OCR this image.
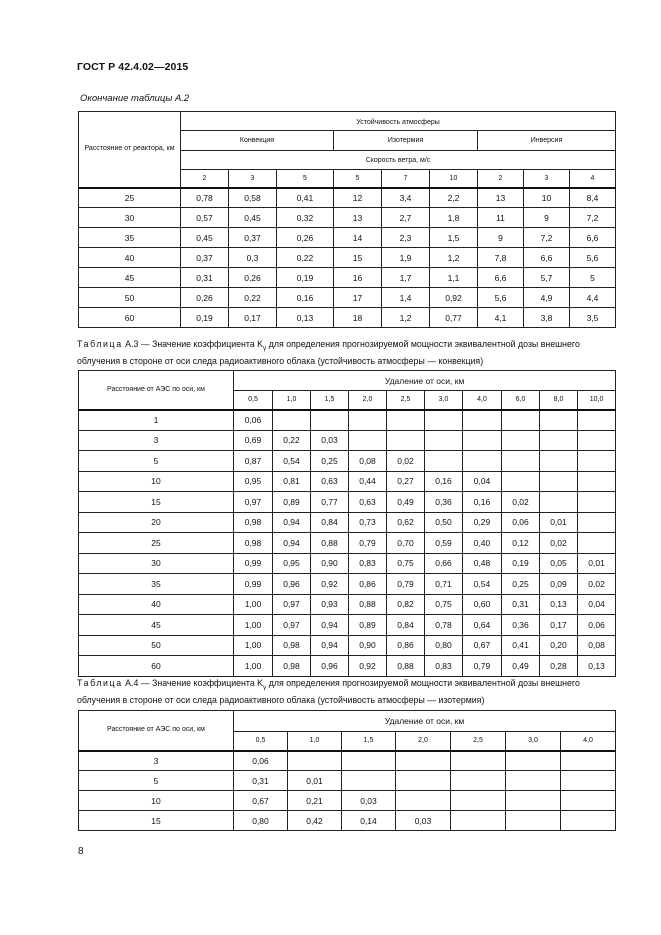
ГОСТ Р 42.4.02—2015
Окончание таблицы А.2
Расстояние от реактора, км	Устойчивость атмосферы								
	Конвекция			Изотермия			Инверсия		
	Скорость ветра, м/с								
	2	3	5	5	7	10	2	3	4
25	0,78	0,58	0,41	12	3,4	2,2	13	10	8,4
30	0,57	0,45	0,32	13	2,7	1,8	11	9	7,2
35	0,45	0,37	0,26	14	2,3	1,5	9	7,2	6,6
40	0,37	0,3	0,22	15	1,9	1,2	7,8	6,6	5,6
45	0,31	0,26	0,19	16	1,7	1,1	6,6	5,7	5
50	0,26	0,22	0,16	17	1,4	0,92	5,6	4,9	4,4
60	0,19	0,17	0,13	18	1,2	0,77	4,1	3,8	3,5
Таблица А.3 — Значение коэффициента $K_\gamma$ для определения прогнозируемой мощности эквивалентной дозы внешнего облучения в стороне от оси следа радиоактивного облака (устойчивость атмосферы — конвекция)
Расстояние от АЭС по оси, км	Удаление от оси, км									
	0,5	1,0	1,5	2,0	2,5	3,0	4,0	6,0	8,0	10,0
1	0,06									
3	0,69	0,22	0,03							
5	0,87	0,54	0,25	0,08	0,02					
10	0,95	0,81	0,63	0,44	0,27	0,16	0,04			
15	0,97	0,89	0,77	0,63	0,49	0,36	0,16	0,02		
20	0,98	0,94	0,84	0,73	0,62	0,50	0,29	0,06	0,01	
25	0,98	0,94	0,88	0,79	0,70	0,59	0,40	0,12	0,02	
30	0,99	0,95	0,90	0,83	0,75	0,66	0,48	0,19	0,05	0,01
35	0,99	0,96	0,92	0,86	0,79	0,71	0,54	0,25	0,09	0,02
40	1,00	0,97	0,93	0,88	0,82	0,75	0,60	0,31	0,13	0,04
45	1,00	0,97	0,94	0,89	0,84	0,78	0,64	0,36	0,17	0,06
50	1,00	0,98	0,94	0,90	0,86	0,80	0,67	0,41	0,20	0,08
60	1,00	0,98	0,96	0,92	0,88	0,83	0,79	0,49	0,28	0,13
Таблица А.4 — Значение коэффициента $K_\gamma$ для определения прогнозируемой мощности эквивалентной дозы внешнего облучения в стороне от оси следа радиоактивного облака (устойчивость атмосферы — изотермия)
Расстояние от АЭС по оси, км	Удаление от оси, км						
	0,5	1,0	1,5	2,0	2,5	3,0	4,0
3	0,06						
5	0,31	0,01					
10	0,67	0,21	0,03				
15	0,80	0,42	0,14	0,03			
8
